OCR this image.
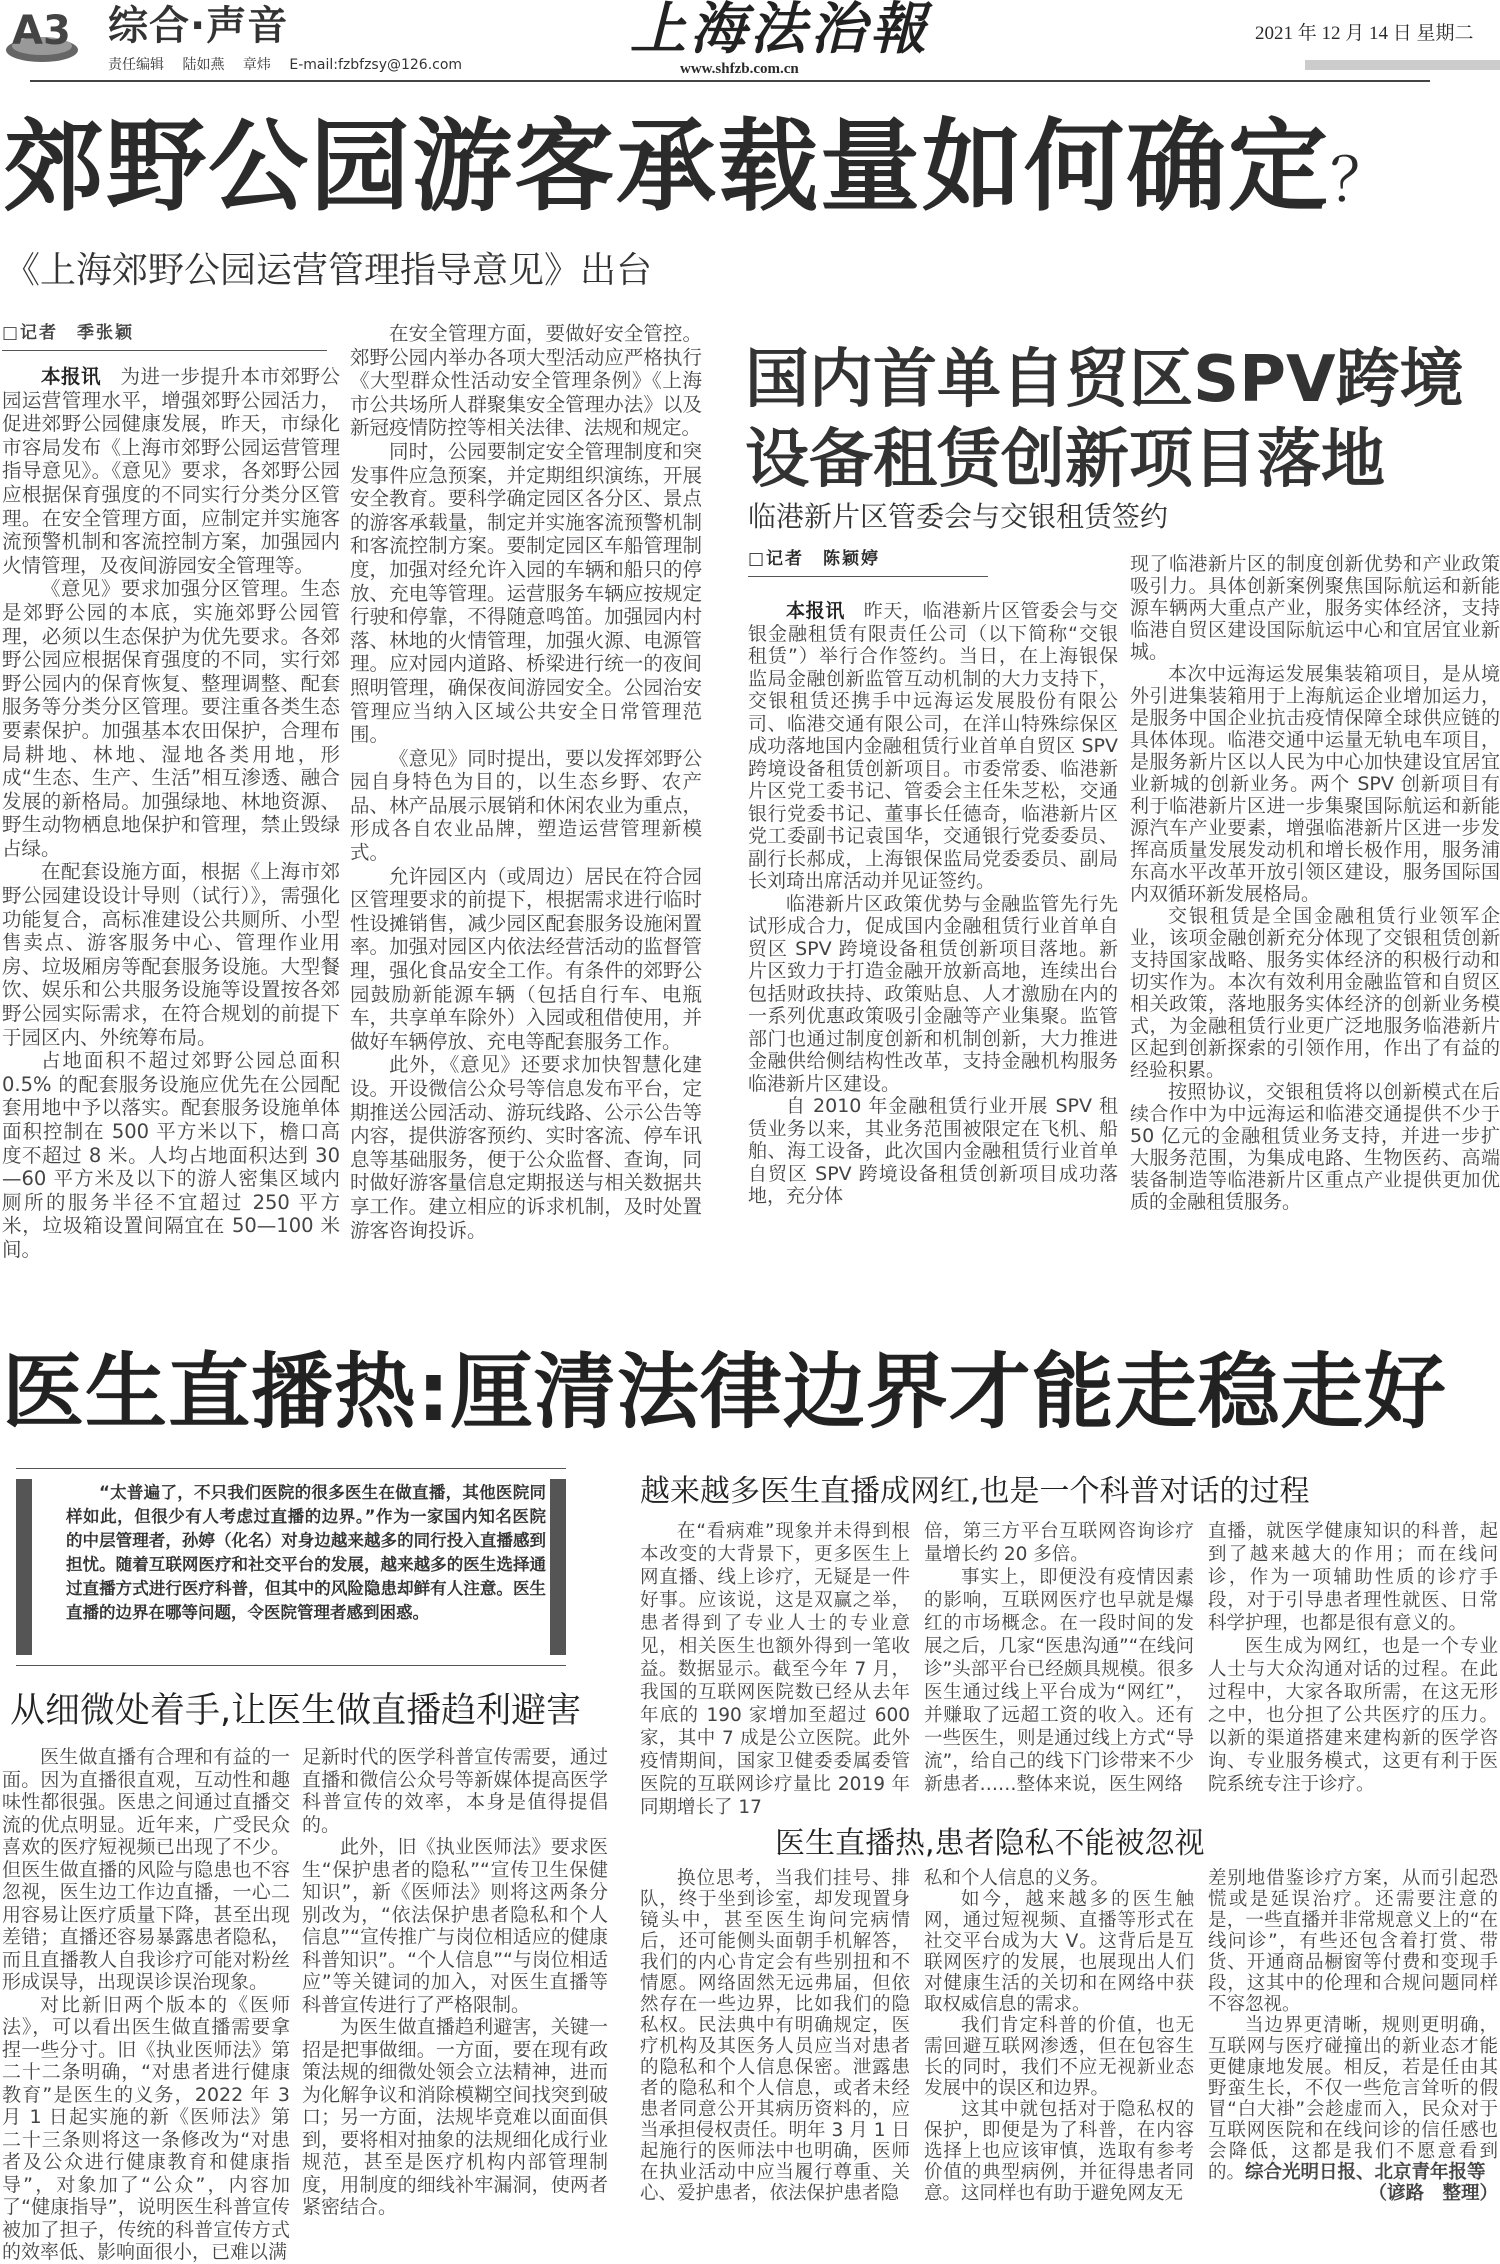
A3 综合·声音
责任编辑 陆如燕 章炜 E-mail:fzbfzsy@126.com
上海法治報
www.shfzb.com.cn
2021 年 12 月 14 日 星期二
郊野公园游客承载量如何确定？
《上海郊野公园运营管理指导意见》出台
□记者　季张颖

本报讯 为进一步提升本市郊野公园运营管理水平，增强郊野公园活力，促进郊野公园健康发展，昨天，市绿化市容局发布《上海市郊野公园运营管理指导意见》。《意见》要求，各郊野公园应根据保育强度的不同实行分类分区管理。在安全管理方面，应制定并实施客流预警机制和客流控制方案，加强园内火情管理，及夜间游园安全管理等。

《意见》要求加强分区管理。生态是郊野公园的本底，实施郊野公园管理，必须以生态保护为优先要求。各郊野公园应根据保育强度的不同，实行郊野公园内的保育恢复、整理调整、配套服务等分类分区管理。要注重各类生态要素保护。加强基本农田保护，合理布局耕地、林地、湿地各类用地，形成“生态、生产、生活”相互渗透、融合发展的新格局。加强绿地、林地资源、野生动物栖息地保护和管理，禁止毁绿占绿。

在配套设施方面，根据《上海市郊野公园建设设计导则（试行）》，需强化功能复合，高标准建设公共厕所、小型售卖点、游客服务中心、管理作业用房、垃圾厢房等配套服务设施。大型餐饮、娱乐和公共服务设施等设置按各郊野公园实际需求，在符合规划的前提下于园区内、外统筹布局。

占地面积不超过郊野公园总面积 0.5% 的配套服务设施应优先在公园配套用地中予以落实。配套服务设施单体面积控制在 500 平方米以下，檐口高度不超过 8 米。人均占地面积达到 30—60 平方米及以下的游人密集区域内厕所的服务半径不宜超过 250 平方米，垃圾箱设置间隔宜在 50—100 米间。

在安全管理方面，要做好安全管控。郊野公园内举办各项大型活动应严格执行《大型群众性活动安全管理条例》《上海市公共场所人群聚集安全管理办法》以及新冠疫情防控等相关法律、法规和规定。

同时，公园要制定安全管理制度和突发事件应急预案，并定期组织演练，开展安全教育。要科学确定园区各分区、景点的游客承载量，制定并实施客流预警机制和客流控制方案。要制定园区车船管理制度，加强对经允许入园的车辆和船只的停放、充电等管理。运营服务车辆应按规定行驶和停靠，不得随意鸣笛。加强园内村落、林地的火情管理，加强火源、电源管理。应对园内道路、桥梁进行统一的夜间照明管理，确保夜间游园安全。公园治安管理应当纳入区域公共安全日常管理范围。

《意见》同时提出，要以发挥郊野公园自身特色为目的，以生态乡野、农产品、林产品展示展销和休闲农业为重点，形成各自农业品牌，塑造运营管理新模式。

允许园区内（或周边）居民在符合园区管理要求的前提下，根据需求进行临时性设摊销售，减少园区配套服务设施闲置率。加强对园区内依法经营活动的监督管理，强化食品安全工作。有条件的郊野公园鼓励新能源车辆（包括自行车、电瓶车，共享单车除外）入园或租借使用，并做好车辆停放、充电等配套服务工作。

此外，《意见》还要求加快智慧化建设。开设微信公众号等信息发布平台，定期推送公园活动、游玩线路、公示公告等内容，提供游客预约、实时客流、停车讯息等基础服务，便于公众监督、查询，同时做好游客量信息定期报送与相关数据共享工作。建立相应的诉求机制，及时处置游客咨询投诉。

国内首单自贸区SPV跨境
设备租赁创新项目落地
临港新片区管委会与交银租赁签约
□记者　陈颖婷

本报讯 昨天，临港新片区管委会与交银金融租赁有限责任公司（以下简称“交银租赁”）举行合作签约。当日，在上海银保监局金融创新监管互动机制的大力支持下，交银租赁还携手中远海运发展股份有限公司、临港交通有限公司，在洋山特殊综保区成功落地国内金融租赁行业首单自贸区 SPV 跨境设备租赁创新项目。市委常委、临港新片区党工委书记、管委会主任朱芝松，交通银行党委书记、董事长任德奇，临港新片区党工委副书记袁国华，交通银行党委委员、副行长郝成，上海银保监局党委委员、副局长刘琦出席活动并见证签约。

临港新片区政策优势与金融监管先行先试形成合力，促成国内金融租赁行业首单自贸区 SPV 跨境设备租赁创新项目落地。新片区致力于打造金融开放新高地，连续出台包括财政扶持、政策贴息、人才激励在内的一系列优惠政策吸引金融等产业集聚。监管部门也通过制度创新和机制创新，大力推进金融供给侧结构性改革，支持金融机构服务临港新片区建设。

自 2010 年金融租赁行业开展 SPV 租赁业务以来，其业务范围被限定在飞机、船舶、海工设备，此次国内金融租赁行业首单自贸区 SPV 跨境设备租赁创新项目成功落地，充分体

现了临港新片区的制度创新优势和产业政策吸引力。具体创新案例聚焦国际航运和新能源车辆两大重点产业，服务实体经济，支持临港自贸区建设国际航运中心和宜居宜业新城。

本次中远海运发展集装箱项目，是从境外引进集装箱用于上海航运企业增加运力，是服务中国企业抗击疫情保障全球供应链的具体体现。临港交通中运量无轨电车项目，是服务新片区以人民为中心加快建设宜居宜业新城的创新业务。两个 SPV 创新项目有利于临港新片区进一步集聚国际航运和新能源汽车产业要素，增强临港新片区进一步发挥高质量发展发动机和增长极作用，服务浦东高水平改革开放引领区建设，服务国际国内双循环新发展格局。

交银租赁是全国金融租赁行业领军企业，该项金融创新充分体现了交银租赁创新支持国家战略、服务实体经济的积极行动和切实作为。本次有效利用金融监管和自贸区相关政策，落地服务实体经济的创新业务模式，为金融租赁行业更广泛地服务临港新片区起到创新探索的引领作用，作出了有益的经验积累。

按照协议，交银租赁将以创新模式在后续合作中为中远海运和临港交通提供不少于 50 亿元的金融租赁业务支持，并进一步扩大服务范围，为集成电路、生物医药、高端装备制造等临港新片区重点产业提供更加优质的金融租赁服务。

医生直播热:厘清法律边界才能走稳走好
“太普遍了，不只我们医院的很多医生在做直播，其他医院同样如此，但很少有人考虑过直播的边界。”作为一家国内知名医院的中层管理者，孙婷（化名）对身边越来越多的同行投入直播感到担忧。随着互联网医疗和社交平台的发展，越来越多的医生选择通过直播方式进行医疗科普，但其中的风险隐患却鲜有人注意。医生直播的边界在哪等问题，令医院管理者感到困惑。
从细微处着手,让医生做直播趋利避害

医生做直播有合理和有益的一面。因为直播很直观，互动性和趣味性都很强。医患之间通过直播交流的优点明显。近年来，广受民众喜欢的医疗短视频已出现了不少。但医生做直播的风险与隐患也不容忽视，医生边工作边直播，一心二用容易让医疗质量下降，甚至出现差错；直播还容易暴露患者隐私，而且直播教人自我诊疗可能对粉丝形成误导，出现误诊误治现象。

对比新旧两个版本的《医师法》，可以看出医生做直播需要拿捏一些分寸。旧《执业医师法》第二十二条明确，“对患者进行健康教育”是医生的义务，2022 年 3 月 1 日起实施的新《医师法》第二十三条则将这一条修改为“对患者及公众进行健康教育和健康指导”，对象加了“公众”，内容加了“健康指导”，说明医生科普宣传被加了担子，传统的科普宣传方式的效率低、影响面很小，已难以满

足新时代的医学科普宣传需要，通过直播和微信公众号等新媒体提高医学科普宣传的效率，本身是值得提倡的。

此外，旧《执业医师法》要求医生“保护患者的隐私”“宣传卫生保健知识”，新《医师法》则将这两条分别改为，“依法保护患者隐私和个人信息”“宣传推广与岗位相适应的健康科普知识”。“个人信息”“与岗位相适应”等关键词的加入，对医生直播等科普宣传进行了严格限制。

为医生做直播趋利避害，关键一招是把事做细。一方面，要在现有政策法规的细微处领会立法精神，进而为化解争议和消除模糊空间找突到破口；另一方面，法规毕竟难以面面俱到，要将相对抽象的法规细化成行业规范，甚至是医疗机构内部管理制度，用制度的细线补牢漏洞，使两者紧密结合。

越来越多医生直播成网红,也是一个科普对话的过程

在“看病难”现象并未得到根本改变的大背景下，更多医生上网直播、线上诊疗，无疑是一件好事。应该说，这是双赢之举，患者得到了专业人士的专业意见，相关医生也额外得到一笔收益。数据显示。截至今年 7 月，我国的互联网医院数已经从去年年底的 190 家增加至超过 600 家，其中 7 成是公立医院。此外疫情期间，国家卫健委委属委管医院的互联网诊疗量比 2019 年同期增长了 17

倍，第三方平台互联网咨询诊疗量增长约 20 多倍。

事实上，即便没有疫情因素的影响，互联网医疗也早就是爆红的市场概念。在一段时间的发展之后，几家“医患沟通”“在线问诊”头部平台已经颇具规模。很多医生通过线上平台成为“网红”，并赚取了远超工资的收入。还有一些医生，则是通过线上方式“导流”，给自己的线下门诊带来不少新患者……整体来说，医生网络

直播，就医学健康知识的科普，起到了越来越大的作用；而在线问诊，作为一项辅助性质的诊疗手段，对于引导患者理性就医、日常科学护理，也都是很有意义的。

医生成为网红，也是一个专业人士与大众沟通对话的过程。在此过程中，大家各取所需，在这无形之中，也分担了公共医疗的压力。以新的渠道搭建来建构新的医学咨询、专业服务模式，这更有利于医院系统专注于诊疗。

医生直播热,患者隐私不能被忽视

换位思考，当我们挂号、排队，终于坐到诊室，却发现置身镜头中，甚至医生询问完病情后，还可能侧头面朝手机解答，我们的内心肯定会有些别扭和不情愿。网络固然无远弗届，但依然存在一些边界，比如我们的隐私权。民法典中有明确规定，医疗机构及其医务人员应当对患者的隐私和个人信息保密。泄露患者的隐私和个人信息，或者未经患者同意公开其病历资料的，应当承担侵权责任。明年 3 月 1 日起施行的医师法中也明确，医师在执业活动中应当履行尊重、关心、爱护患者，依法保护患者隐

私和个人信息的义务。

如今，越来越多的医生触网，通过短视频、直播等形式在社交平台成为大 V。这背后是互联网医疗的发展，也展现出人们对健康生活的关切和在网络中获取权威信息的需求。

我们肯定科普的价值，也无需回避互联网渗透，但在包容生长的同时，我们不应无视新业态发展中的误区和边界。

这其中就包括对于隐私权的保护，即便是为了科普，在内容选择上也应该审慎，选取有参考价值的典型病例，并征得患者同意。这同样也有助于避免网友无

差别地借鉴诊疗方案，从而引起恐慌或是延误治疗。还需要注意的是，一些直播并非常规意义上的“在线问诊”，有些还包含着打赏、带货、开通商品橱窗等付费和变现手段，这其中的伦理和合规问题同样不容忽视。

当边界更清晰，规则更明确，互联网与医疗碰撞出的新业态才能更健康地发展。相反，若是任由其野蛮生长，不仅一些危言耸听的假冒“白大褂”会趁虚而入，民众对于互联网医院和在线问诊的信任感也会降低，这都是我们不愿意看到的。综合光明日报、北京青年报等

（谚路　整理）
